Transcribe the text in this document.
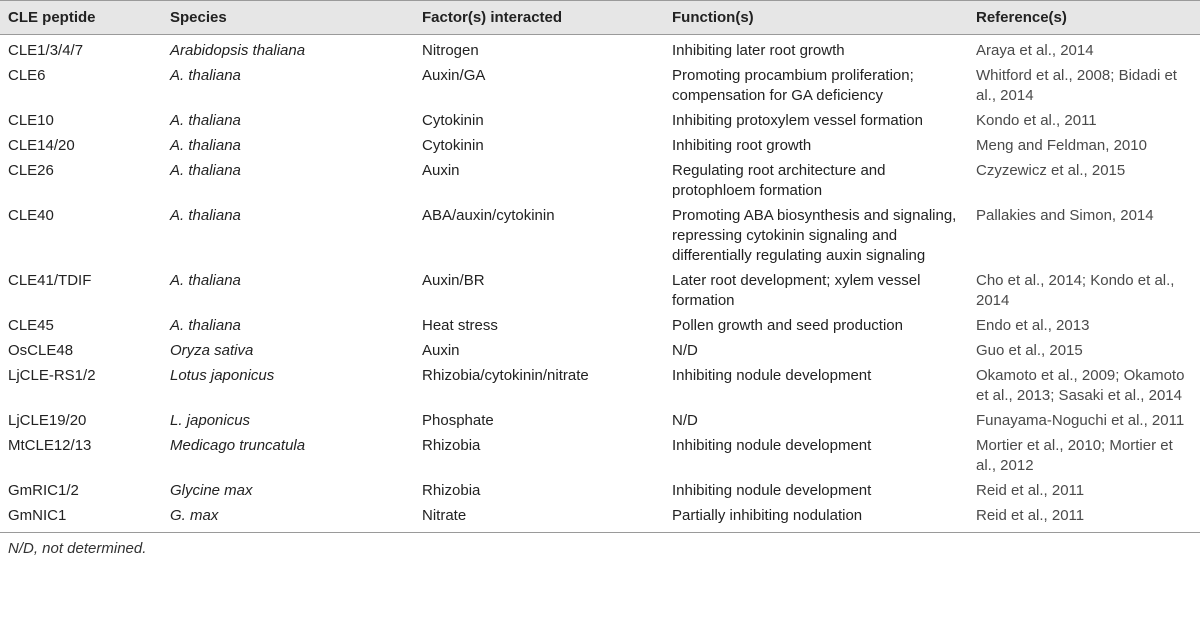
CLE peptide	Species	Factor(s) interacted	Function(s)	Reference(s)
CLE1/3/4/7	Arabidopsis thaliana	Nitrogen	Inhibiting later root growth	Araya et al., 2014
CLE6	A. thaliana	Auxin/GA	Promoting procambium proliferation; compensation for GA deficiency	Whitford et al., 2008; Bidadi et al., 2014
CLE10	A. thaliana	Cytokinin	Inhibiting protoxylem vessel formation	Kondo et al., 2011
CLE14/20	A. thaliana	Cytokinin	Inhibiting root growth	Meng and Feldman, 2010
CLE26	A. thaliana	Auxin	Regulating root architecture and protophloem formation	Czyzewicz et al., 2015
CLE40	A. thaliana	ABA/auxin/cytokinin	Promoting ABA biosynthesis and signaling, repressing cytokinin signaling and differentially regulating auxin signaling	Pallakies and Simon, 2014
CLE41/TDIF	A. thaliana	Auxin/BR	Later root development; xylem vessel formation	Cho et al., 2014; Kondo et al., 2014
CLE45	A. thaliana	Heat stress	Pollen growth and seed production	Endo et al., 2013
OsCLE48	Oryza sativa	Auxin	N/D	Guo et al., 2015
LjCLE-RS1/2	Lotus japonicus	Rhizobia/cytokinin/nitrate	Inhibiting nodule development	Okamoto et al., 2009; Okamoto et al., 2013; Sasaki et al., 2014
LjCLE19/20	L. japonicus	Phosphate	N/D	Funayama-Noguchi et al., 2011
MtCLE12/13	Medicago truncatula	Rhizobia	Inhibiting nodule development	Mortier et al., 2010; Mortier et al., 2012
GmRIC1/2	Glycine max	Rhizobia	Inhibiting nodule development	Reid et al., 2011
GmNIC1	G. max	Nitrate	Partially inhibiting nodulation	Reid et al., 2011
N/D, not determined.
